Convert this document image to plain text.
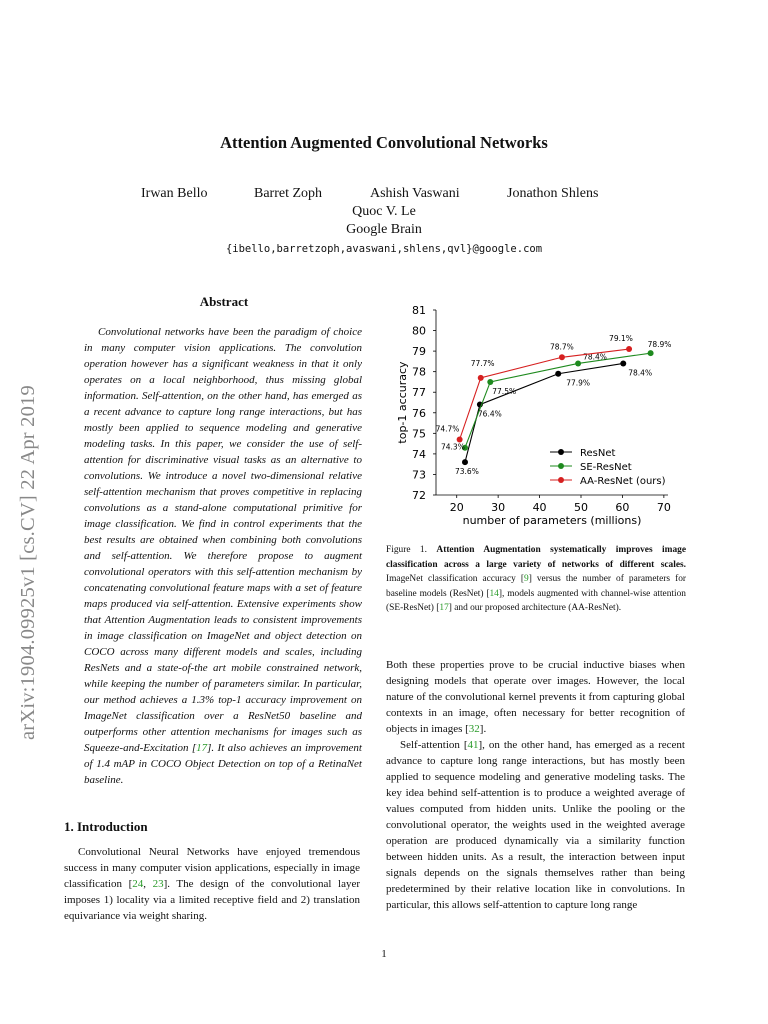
arXiv:1904.09925v1 [cs.CV] 22 Apr 2019
Attention Augmented Convolutional Networks
Irwan Bello	Barret Zoph	Ashish Vaswani	Jonathon Shlens
Quoc V. Le
Google Brain
{ibello,barretzoph,avaswani,shlens,qvl}@google.com
Abstract
Convolutional networks have been the paradigm of choice in many computer vision applications. The convolution operation however has a significant weakness in that it only operates on a local neighborhood, thus missing global information. Self-attention, on the other hand, has emerged as a recent advance to capture long range interactions, but has mostly been applied to sequence modeling and generative modeling tasks. In this paper, we consider the use of self-attention for discriminative visual tasks as an alternative to convolutions. We introduce a novel two-dimensional relative self-attention mechanism that proves competitive in replacing convolutions as a stand-alone computational primitive for image classification. We find in control experiments that the best results are obtained when combining both convolutions and self-attention. We therefore propose to augment convolutional operators with this self-attention mechanism by concatenating convolutional feature maps with a set of feature maps produced via self-attention. Extensive experiments show that Attention Augmentation leads to consistent improvements in image classification on ImageNet and object detection on COCO across many different models and scales, including ResNets and a state-of-the art mobile constrained network, while keeping the number of parameters similar. In particular, our method achieves a 1.3% top-1 accuracy improvement on ImageNet classification over a ResNet50 baseline and outperforms other attention mechanisms for images such as Squeeze-and-Excitation [17]. It also achieves an improvement of 1.4 mAP in COCO Object Detection on top of a RetinaNet baseline.
1. Introduction
Convolutional Neural Networks have enjoyed tremendous success in many computer vision applications, especially in image classification [24, 23]. The design of the convolutional layer imposes 1) locality via a limited receptive field and 2) translation equivariance via weight sharing.
72
73
74
75
76
77
78
79
80
81
20 30 40 50 60 70
number of parameters (millions)
top-1 accuracy
73.6%
76.4%
77.9%
78.4%
74.3%
77.5%
78.4%
78.9%
74.7%
77.7%
78.7%
79.1%
ResNet
SE-ResNet
AA-ResNet (ours)
Figure 1. Attention Augmentation systematically improves image classification across a large variety of networks of different scales. ImageNet classification accuracy [9] versus the number of parameters for baseline models (ResNet) [14], models augmented with channel-wise attention (SE-ResNet) [17] and our proposed architecture (AA-ResNet).

Both these properties prove to be crucial inductive biases when designing models that operate over images. However, the local nature of the convolutional kernel prevents it from capturing global contexts in an image, often necessary for better recognition of objects in images [32].

Self-attention [41], on the other hand, has emerged as a recent advance to capture long range interactions, but has mostly been applied to sequence modeling and generative modeling tasks. The key idea behind self-attention is to produce a weighted average of values computed from hidden units. Unlike the pooling or the convolutional operator, the weights used in the weighted average operation are produced dynamically via a similarity function between hidden units. As a result, the interaction between input signals depends on the signals themselves rather than being predetermined by their relative location like in convolutions. In particular, this allows self-attention to capture long range

1
